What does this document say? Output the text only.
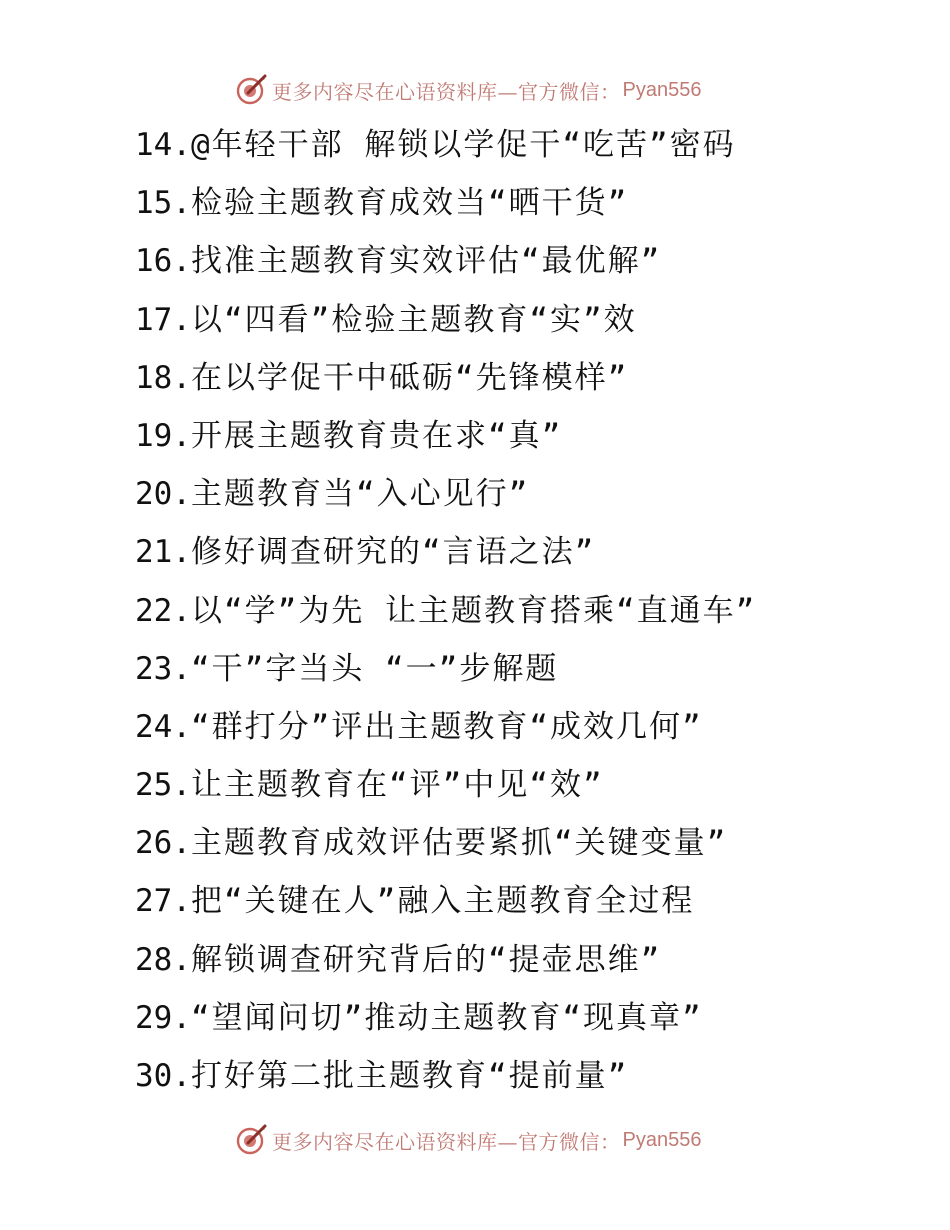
更多内容尽在心语资料库—官方微信： Pyan556
14.@年轻干部 解锁以学促干“吃苦”密码
15.检验主题教育成效当“晒干货”
16.找准主题教育实效评估“最优解”
17.以“四看”检验主题教育“实”效
18.在以学促干中砥砺“先锋模样”
19.开展主题教育贵在求“真”
20.主题教育当“入心见行”
21.修好调查研究的“言语之法”
22.以“学”为先 让主题教育搭乘“直通车”
23.“干”字当头 “一”步解题
24.“群打分”评出主题教育“成效几何”
25.让主题教育在“评”中见“效”
26.主题教育成效评估要紧抓“关键变量”
27.把“关键在人”融入主题教育全过程
28.解锁调查研究背后的“提壶思维”
29.“望闻问切”推动主题教育“现真章”
30.打好第二批主题教育“提前量”
更多内容尽在心语资料库—官方微信： Pyan556
